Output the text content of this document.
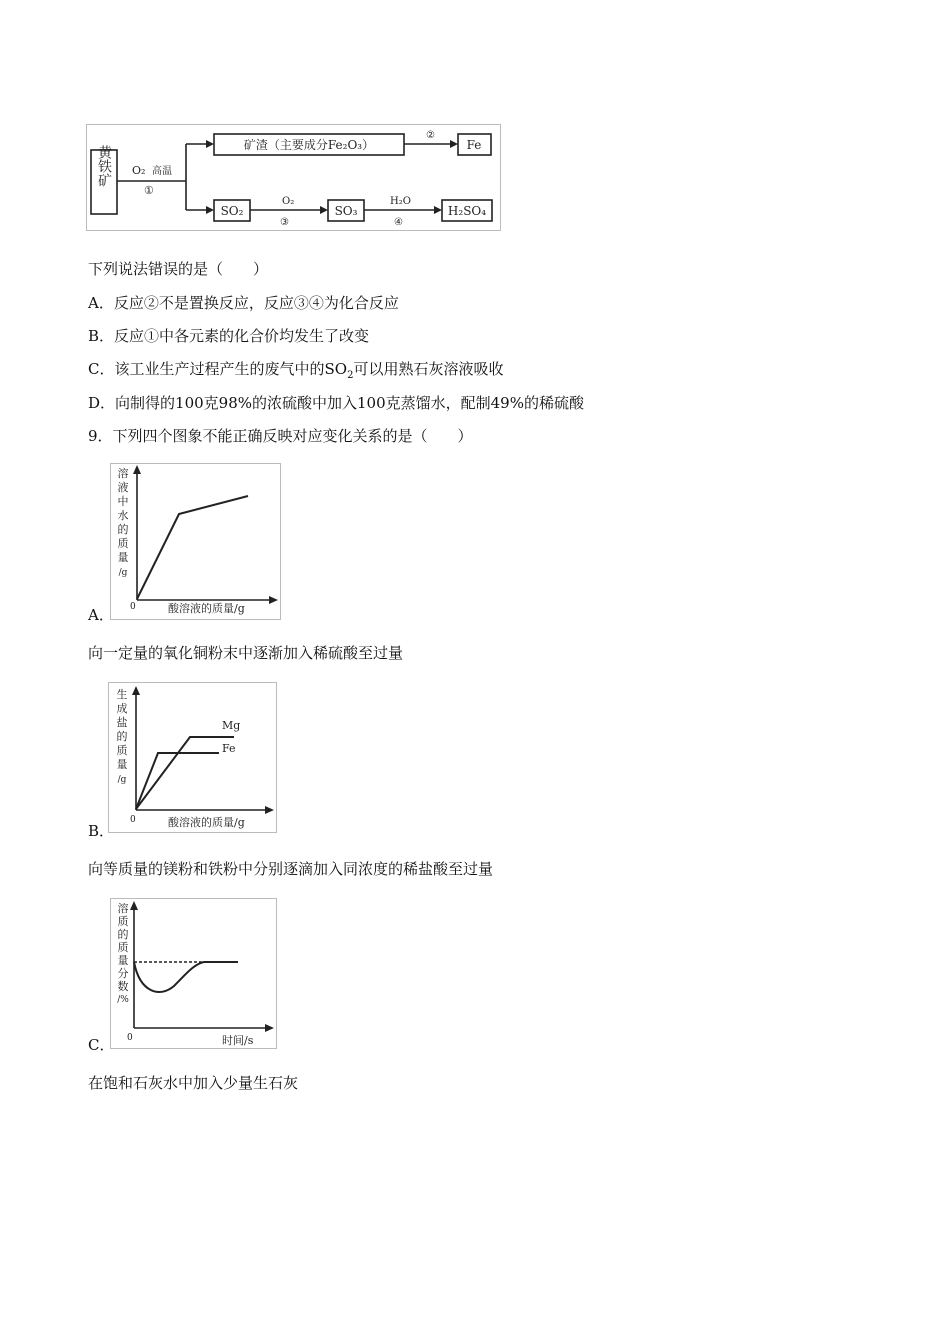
黄铁矿 O₂ 高温
①
矿渣（主要成分Fe₂O₃）
②
Fe
SO₂
O₂
③
SO₃
H₂O
④
H₂SO₄
下列说法错误的是（　　）
A．反应②不是置换反应，反应③④为化合反应
B．反应①中各元素的化合价均发生了改变
C．该工业生产过程产生的废气中的$SO_2$可以用熟石灰溶液吸收
D．向制得的100克98%的浓硫酸中加入100克蒸馏水，配制49%的稀硫酸
9．下列四个图象不能正确反映对应变化关系的是（　　）
A．
溶
液
中
水
的
质
量
/g
0	酸溶液的质量/g
向一定量的氧化铜粉末中逐渐加入稀硫酸至过量
B．
生
成
盐
的
质
量
/g
0	酸溶液的质量/g
Mg
Fe
向等质量的镁粉和铁粉中分别逐滴加入同浓度的稀盐酸至过量
C．
溶
质
的
质
量
分
数
/%
0	时间/s
在饱和石灰水中加入少量生石灰
